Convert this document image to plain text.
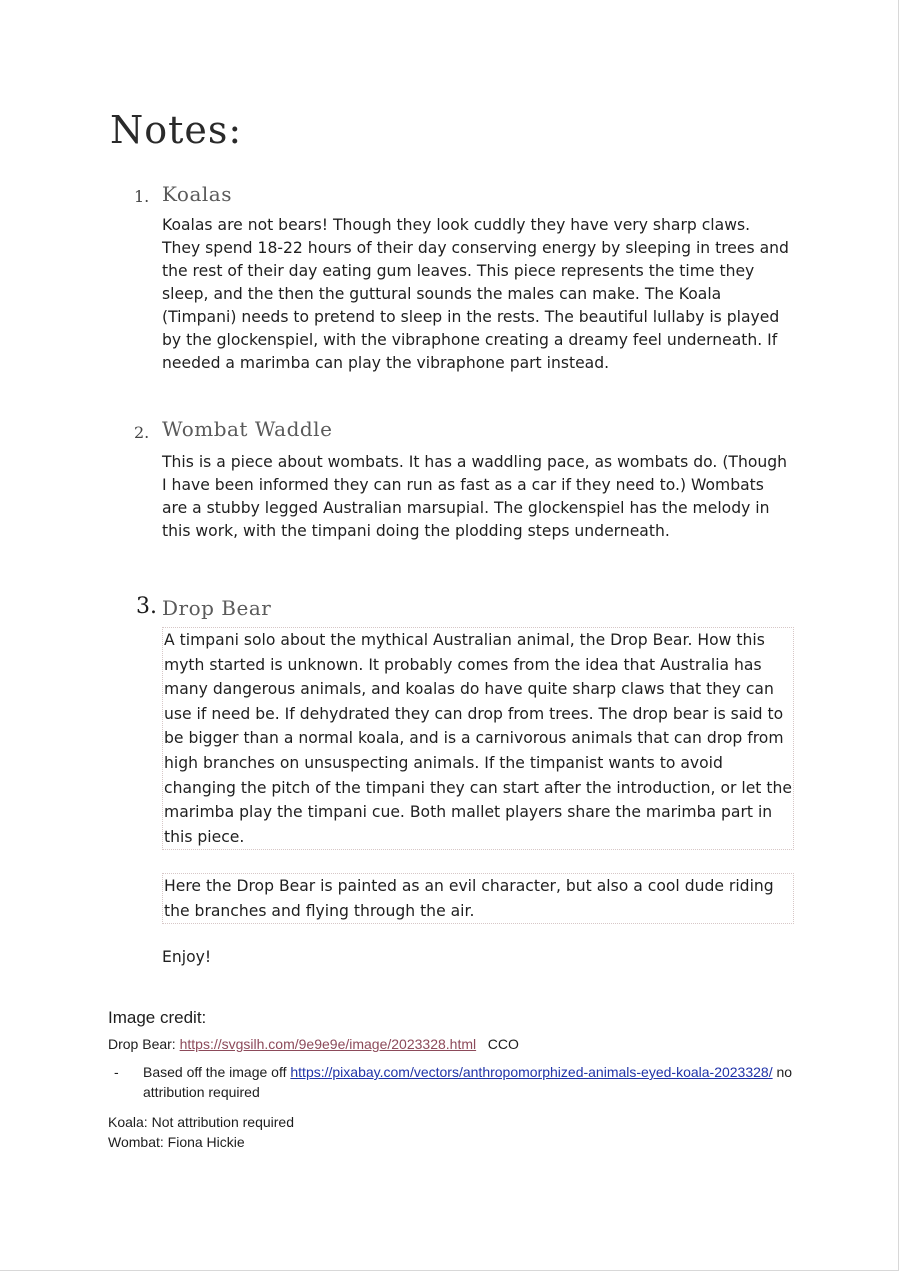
Notes:
1. Koalas

Koalas are not bears! Though they look cuddly they have very sharp claws. They spend 18-22 hours of their day conserving energy by sleeping in trees and the rest of their day eating gum leaves. This piece represents the time they sleep, and the then the guttural sounds the males can make. The Koala (Timpani) needs to pretend to sleep in the rests. The beautiful lullaby is played by the glockenspiel, with the vibraphone creating a dreamy feel underneath. If needed a marimba can play the vibraphone part instead.

2. Wombat Waddle

This is a piece about wombats. It has a waddling pace, as wombats do. (Though I have been informed they can run as fast as a car if they need to.) Wombats are a stubby legged Australian marsupial. The glockenspiel has the melody in this work, with the timpani doing the plodding steps underneath.

3. Drop Bear

A timpani solo about the mythical Australian animal, the Drop Bear. How this myth started is unknown. It probably comes from the idea that Australia has many dangerous animals, and koalas do have quite sharp claws that they can use if need be. If dehydrated they can drop from trees. The drop bear is said to be bigger than a normal koala, and is a carnivorous animals that can drop from high branches on unsuspecting animals. If the timpanist wants to avoid changing the pitch of the timpani they can start after the introduction, or let the marimba play the timpani cue. Both mallet players share the marimba part in this piece.

Here the Drop Bear is painted as an evil character, but also a cool dude riding the branches and flying through the air.

Enjoy!

Image credit:

Drop Bear: https://svgsilh.com/9e9e9e/image/2023328.html CCO

- Based off the image off https://pixabay.com/vectors/anthropomorphized-animals-eyed-koala-2023328/ no attribution required

Koala: Not attribution required

Wombat: Fiona Hickie
